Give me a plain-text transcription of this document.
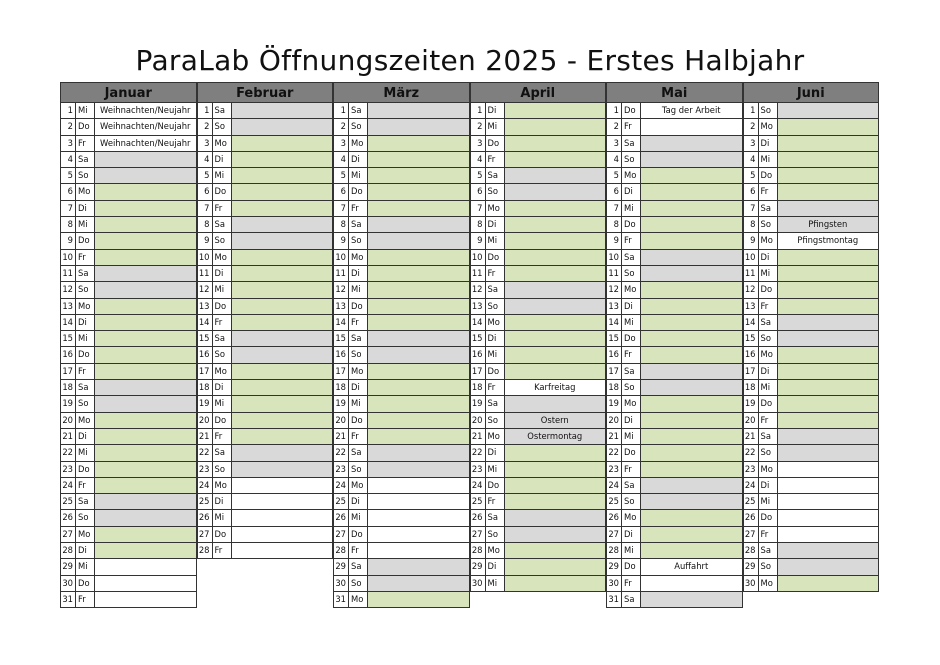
ParaLab Öffnungszeiten 2025 - Erstes Halbjahr
Januar
1 Mi	Weihnachten/Neujahr
2 Do	Weihnachten/Neujahr
3 Fr	Weihnachten/Neujahr
4 Sa
5 So
6 Mo
7 Di
8 Mi
9 Do
10 Fr
11 Sa
12 So
13 Mo
14 Di
15 Mi
16 Do
17 Fr
18 Sa
19 So
20 Mo
21 Di
22 Mi
23 Do
24 Fr
25 Sa
26 So
27 Mo
28 Di
29 Mi
30 Do
31 Fr
Februar
1 Sa
2 So
3 Mo
4 Di
5 Mi
6 Do
7 Fr
8 Sa
9 So
10 Mo
11 Di
12 Mi
13 Do
14 Fr
15 Sa
16 So
17 Mo
18 Di
19 Mi
20 Do
21 Fr
22 Sa
23 So
24 Mo
25 Di
26 Mi
27 Do
28 Fr
März
1 Sa
2 So
3 Mo
4 Di
5 Mi
6 Do
7 Fr
8 Sa
9 So
10 Mo
11 Di
12 Mi
13 Do
14 Fr
15 Sa
16 So
17 Mo
18 Di
19 Mi
20 Do
21 Fr
22 Sa
23 So
24 Mo
25 Di
26 Mi
27 Do
28 Fr
29 Sa
30 So
31 Mo
April
1 Di
2 Mi
3 Do
4 Fr
5 Sa
6 So
7 Mo
8 Di
9 Mi
10 Do
11 Fr
12 Sa
13 So
14 Mo
15 Di
16 Mi
17 Do
18 Fr	Karfreitag
19 Sa
20 So	Ostern
21 Mo	Ostermontag
22 Di
23 Mi
24 Do
25 Fr
26 Sa
27 So
28 Mo
29 Di
30 Mi
Mai
1 Do	Tag der Arbeit
2 Fr
3 Sa
4 So
5 Mo
6 Di
7 Mi
8 Do
9 Fr
10 Sa
11 So
12 Mo
13 Di
14 Mi
15 Do
16 Fr
17 Sa
18 So
19 Mo
20 Di
21 Mi
22 Do
23 Fr
24 Sa
25 So
26 Mo
27 Di
28 Mi
29 Do	Auffahrt
30 Fr
31 Sa
Juni
1 So
2 Mo
3 Di
4 Mi
5 Do
6 Fr
7 Sa
8 So	Pfingsten
9 Mo	Pfingstmontag
10 Di
11 Mi
12 Do
13 Fr
14 Sa
15 So
16 Mo
17 Di
18 Mi
19 Do
20 Fr
21 Sa
22 So
23 Mo
24 Di
25 Mi
26 Do
27 Fr
28 Sa
29 So
30 Mo
